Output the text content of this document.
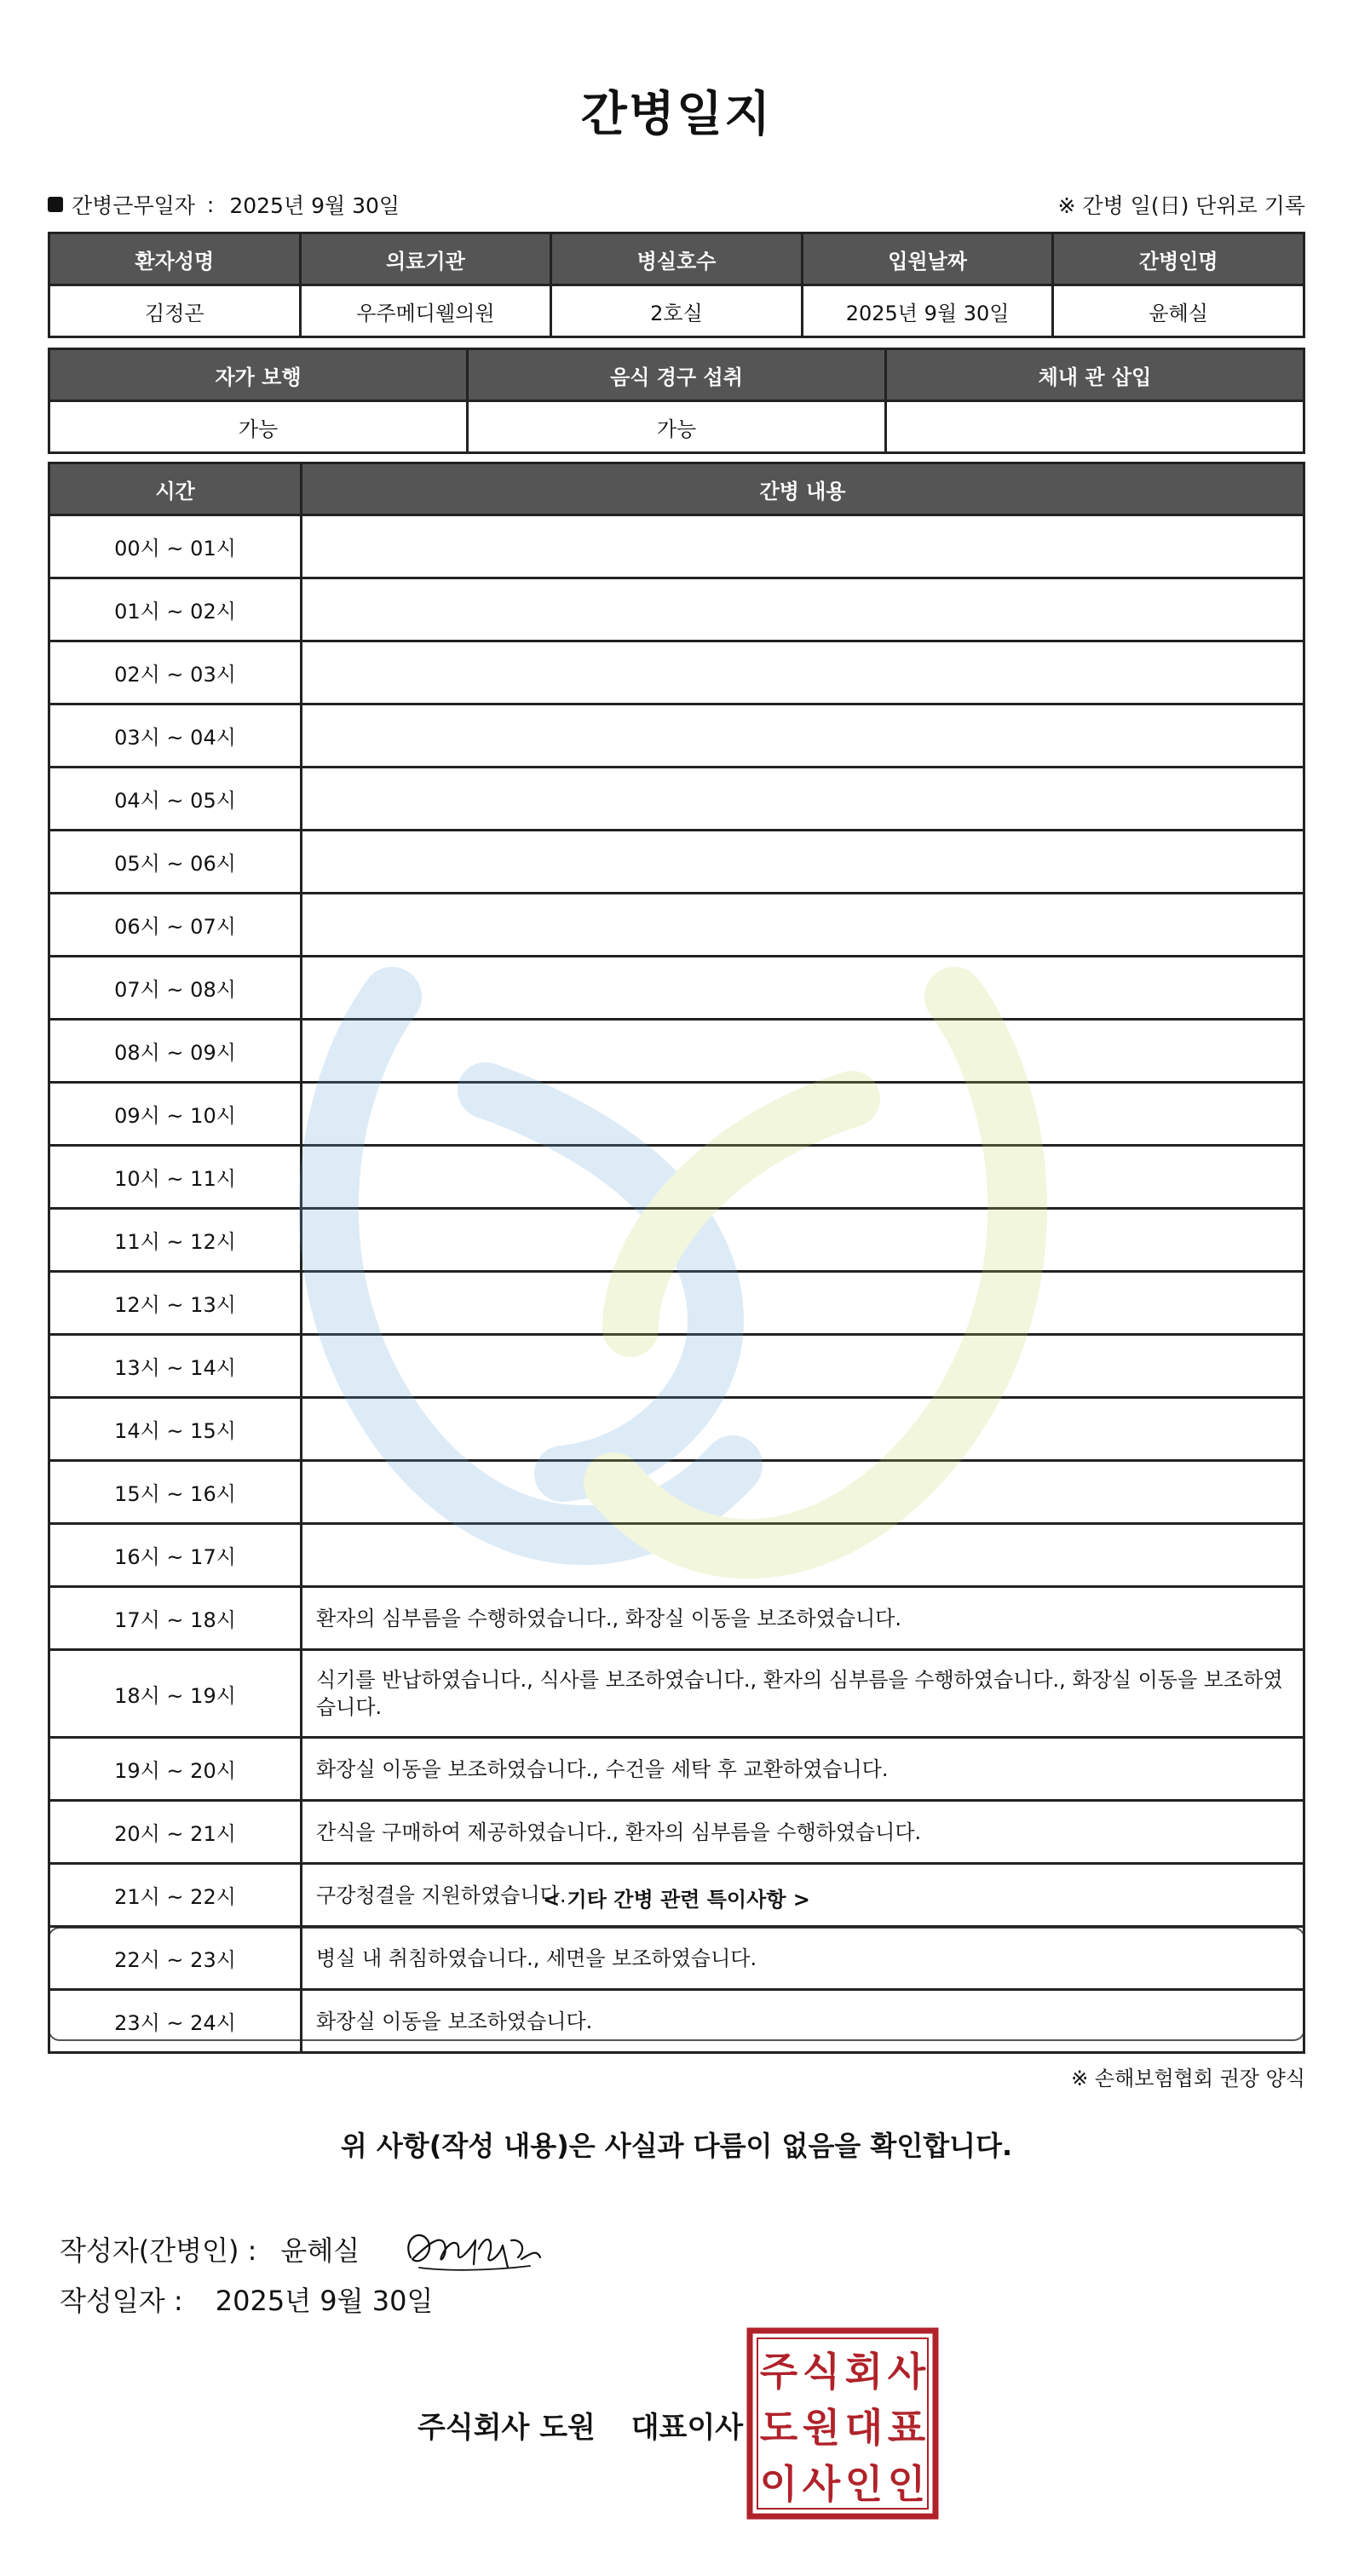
간병일지
간병근무일자 : 2025년 9월 30일	※ 간병 일(日) 단위로 기록
환자성명	의료기관	병실호수	입원날짜	간병인명
김정곤	우주메디웰의원	2호실	2025년 9월 30일	윤혜실
자가 보행	음식 경구 섭취	체내 관 삽입
가능	가능	
시간	간병 내용
00시 ~ 01시	
01시 ~ 02시	
02시 ~ 03시	
03시 ~ 04시	
04시 ~ 05시	
05시 ~ 06시	
06시 ~ 07시	
07시 ~ 08시	
08시 ~ 09시	
09시 ~ 10시	
10시 ~ 11시	
11시 ~ 12시	
12시 ~ 13시	
13시 ~ 14시	
14시 ~ 15시	
15시 ~ 16시	
16시 ~ 17시	
17시 ~ 18시	환자의 심부름을 수행하였습니다., 화장실 이동을 보조하였습니다.
18시 ~ 19시	식기를 반납하였습니다., 식사를 보조하였습니다., 환자의 심부름을 수행하였습니다., 화장실 이동을 보조하였습니다.
19시 ~ 20시	화장실 이동을 보조하였습니다., 수건을 세탁 후 교환하였습니다.
20시 ~ 21시	간식을 구매하여 제공하였습니다., 환자의 심부름을 수행하였습니다.
21시 ~ 22시	구강청결을 지원하였습니다.
22시 ~ 23시	병실 내 취침하였습니다., 세면을 보조하였습니다.
23시 ~ 24시	화장실 이동을 보조하였습니다.
< 기타 간병 관련 특이사항 >
※ 손해보험협회 권장 양식
위 사항(작성 내용)은 사실과 다름이 없음을 확인합니다.
작성자(간병인) : 윤혜실
작성일자 : 2025년 9월 30일
주식회사 도원 대표이사
주 식 회 사
도 원 대 표
이 사 인 인
